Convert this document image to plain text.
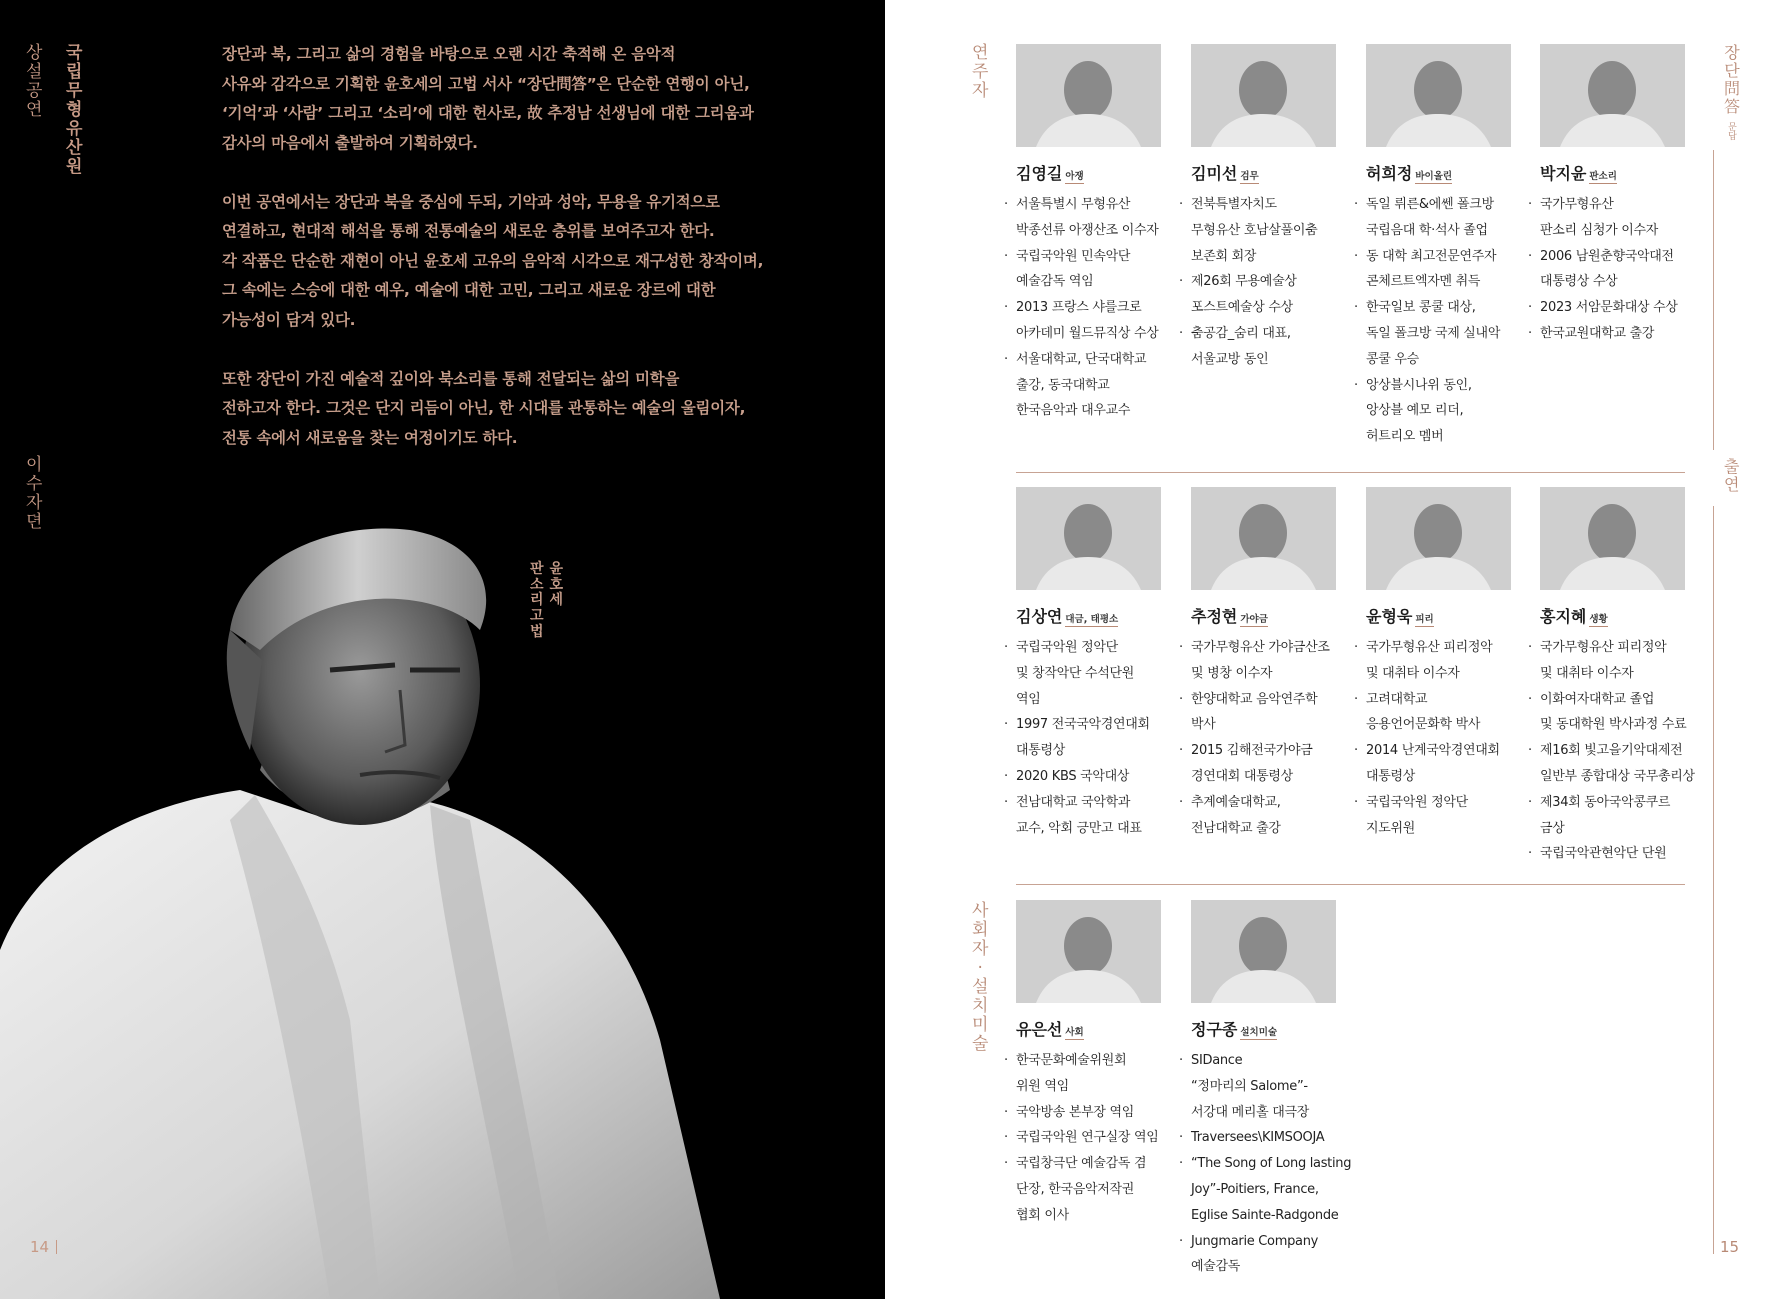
상
설
공
연
국
립
무
형
유
산
원
이
수
자
뎐

장단과 북, 그리고 삶의 경험을 바탕으로 오랜 시간 축적해 온 음악적
사유와 감각으로 기획한 윤호세의 고법 서사 “장단問答”은 단순한 연행이 아닌,
‘기억’과 ‘사람’ 그리고 ‘소리’에 대한 헌사로, 故 추정남 선생님에 대한 그리움과
감사의 마음에서 출발하여 기획하였다.

이번 공연에서는 장단과 북을 중심에 두되, 기악과 성악, 무용을 유기적으로
연결하고, 현대적 해석을 통해 전통예술의 새로운 층위를 보여주고자 한다.
각 작품은 단순한 재현이 아닌 윤호세 고유의 음악적 시각으로 재구성한 창작이며,
그 속에는 스승에 대한 예우, 예술에 대한 고민, 그리고 새로운 장르에 대한
가능성이 담겨 있다.

또한 장단이 가진 예술적 깊이와 북소리를 통해 전달되는 삶의 미학을
전하고자 한다. 그것은 단지 리듬이 아닌, 한 시대를 관통하는 예술의 울림이자,
전통 속에서 새로움을 찾는 여정이기도 하다.

윤
호
세
판
소
리
고
법
14
연
주
자
사
회
자
·
설
치
미
술
장
단
問
答
문답
출
연
15
김영길 아쟁
· 서울특별시 무형유산
박종선류 아쟁산조 이수자
· 국립국악원 민속악단
예술감독 역임
· 2013 프랑스 샤를크로
아카데미 월드뮤직상 수상
· 서울대학교, 단국대학교
출강, 동국대학교
한국음악과 대우교수
김미선 검무
· 전북특별자치도
무형유산 호남살풀이춤
보존회 회장
· 제26회 무용예술상
포스트예술상 수상
· 춤공감_숨리 대표,
서울교방 동인
허희정 바이올린
· 독일 뤼른&에쎈 폴크방
국립음대 학·석사 졸업
· 동 대학 최고전문연주자
콘체르트엑자멘 취득
· 한국일보 콩쿨 대상,
독일 폴크방 국제 실내악
콩쿨 우승
· 앙상블시나위 동인,
앙상블 예모 리더,
허트리오 멤버
박지윤 판소리
· 국가무형유산
판소리 심청가 이수자
· 2006 남원춘향국악대전
대통령상 수상
· 2023 서암문화대상 수상
· 한국교원대학교 출강
김상연 대금, 태평소
· 국립국악원 정악단
및 창작악단 수석단원
역임
· 1997 전국국악경연대회
대통령상
· 2020 KBS 국악대상
· 전남대학교 국악학과
교수, 악회 긍만고 대표
추정현 가야금
· 국가무형유산 가야금산조
및 병창 이수자
· 한양대학교 음악연주학
박사
· 2015 김해전국가야금
경연대회 대통령상
· 추계예술대학교,
전남대학교 출강
윤형욱 피리
· 국가무형유산 피리정악
및 대취타 이수자
· 고려대학교
응용언어문화학 박사
· 2014 난계국악경연대회
대통령상
· 국립국악원 정악단
지도위원
홍지혜 생황
· 국가무형유산 피리정악
및 대취타 이수자
· 이화여자대학교 졸업
및 동대학원 박사과정 수료
· 제16회 빛고을기악대제전
일반부 종합대상 국무총리상
· 제34회 동아국악콩쿠르
금상
· 국립국악관현악단 단원
유은선 사회
· 한국문화예술위원회
위원 역임
· 국악방송 본부장 역임
· 국립국악원 연구실장 역임
· 국립창극단 예술감독 겸
단장, 한국음악저작권
협회 이사
정구종 설치미술
· SIDance
“정마리의 Salome”-
서강대 메리홀 대극장
· Traversees\KIMSOOJA
· “The Song of Long lasting
Joy”-Poitiers, France,
Eglise Sainte-Radgonde
· Jungmarie Company
예술감독
